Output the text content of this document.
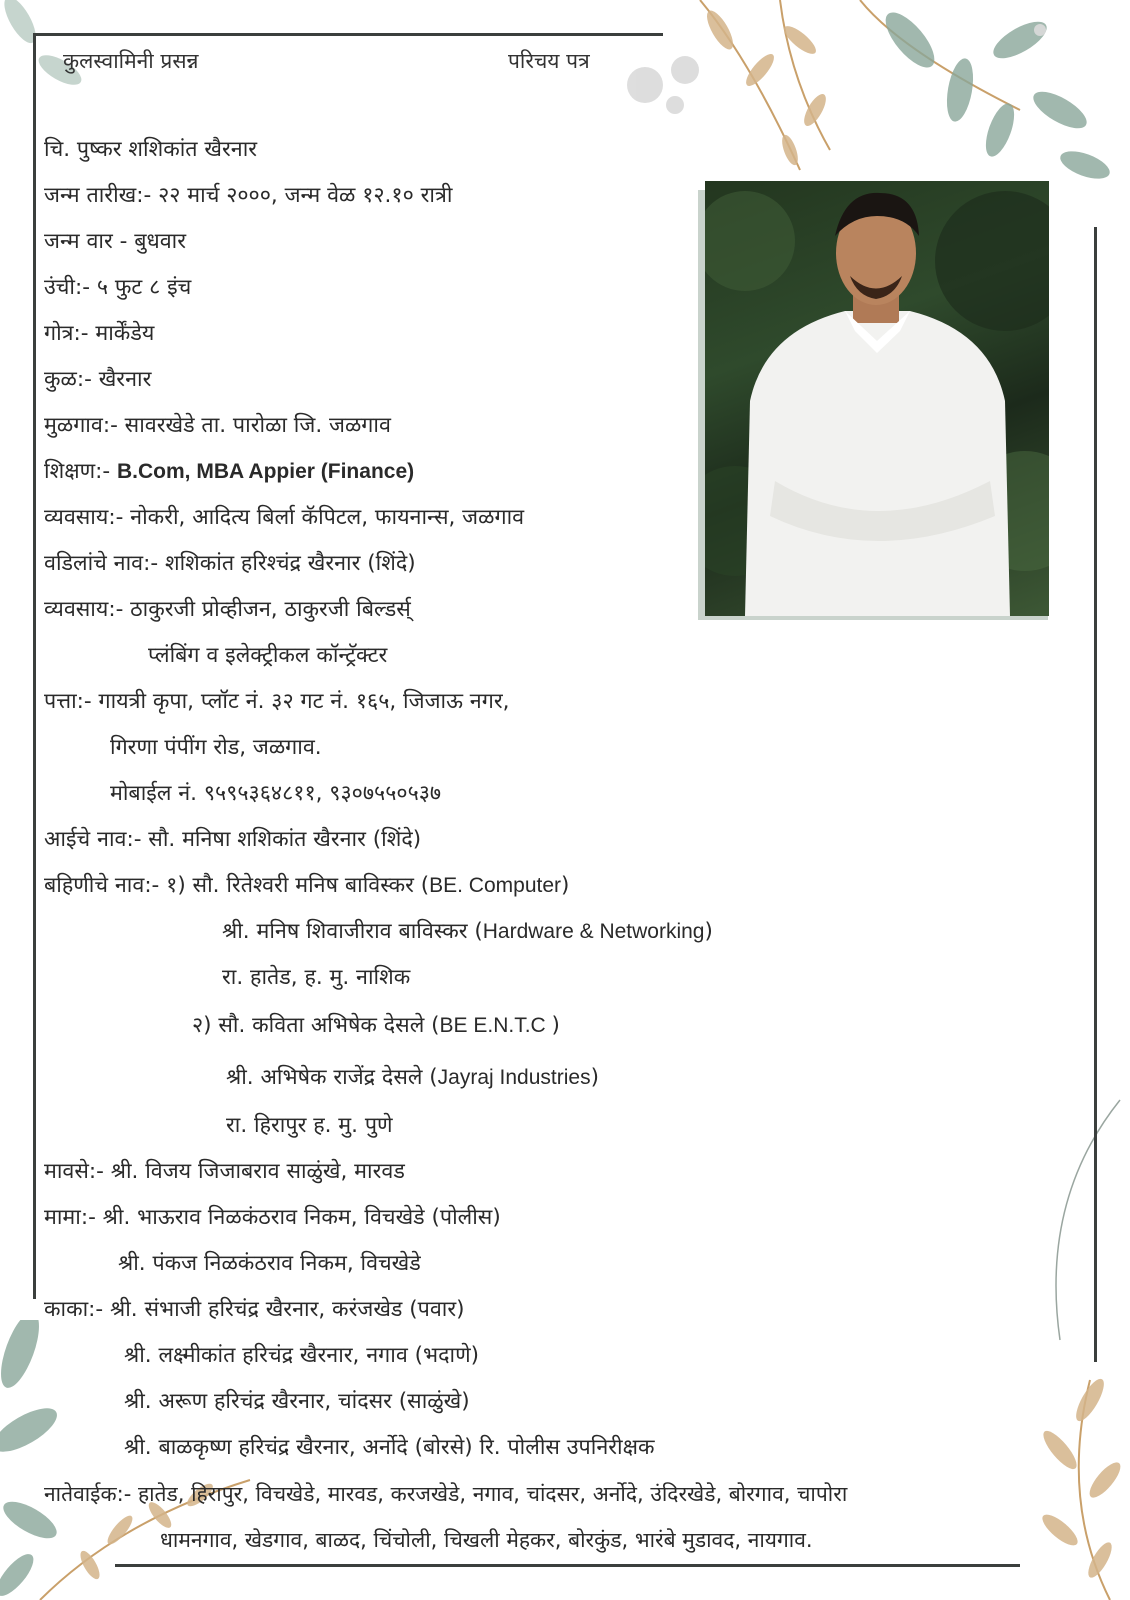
कुलस्वामिनी प्रसन्न	परिचय पत्र
चि. पुष्कर शशिकांत खैरनार
जन्म तारीख:- २२ मार्च २०००, जन्म वेळ १२.१० रात्री
जन्म वार - बुधवार
उंची:- ५ फुट ८ इंच
गोत्र:- मार्केंडेय
कुळ:- खैरनार
मुळगाव:- सावरखेडे ता. पारोळा जि. जळगाव
शिक्षण:- B.Com, MBA Appier (Finance)
व्यवसाय:- नोकरी, आदित्य बिर्ला कॅपिटल, फायनान्स, जळगाव
वडिलांचे नाव:- शशिकांत हरिश्चंद्र खैरनार (शिंदे)
व्यवसाय:- ठाकुरजी प्रोव्हीजन, ठाकुरजी बिल्डर्स्
प्लंबिंग व इलेक्ट्रीकल कॉन्ट्रॅक्टर
पत्ता:- गायत्री कृपा, प्लॉट नं. ३२ गट नं. १६५, जिजाऊ नगर,
गिरणा पंपींग रोड, जळगाव.
मोबाईल नं. ९५९५३६४८११, ९३०७५५०५३७
आईचे नाव:- सौ. मनिषा शशिकांत खैरनार (शिंदे)
बहिणीचे नाव:- १) सौ. रितेश्वरी मनिष बाविस्कर (BE. Computer)
श्री. मनिष शिवाजीराव बाविस्कर (Hardware & Networking)
रा. हातेड, ह. मु. नाशिक
२) सौ. कविता अभिषेक देसले (BE E.N.T.C )
श्री. अभिषेक राजेंद्र देसले (Jayraj Industries)
रा. हिरापुर ह. मु. पुणे
मावसे:- श्री. विजय जिजाबराव साळुंखे, मारवड
मामा:- श्री. भाऊराव निळकंठराव निकम, विचखेडे (पोलीस)
श्री. पंकज निळकंठराव निकम, विचखेडे
काका:- श्री. संभाजी हरिचंद्र खैरनार, करंजखेड (पवार)
श्री. लक्ष्मीकांत हरिचंद्र खैरनार, नगाव (भदाणे)
श्री. अरूण हरिचंद्र खैरनार, चांदसर (साळुंखे)
श्री. बाळकृष्ण हरिचंद्र खैरनार, अर्नोदे (बोरसे) रि. पोलीस उपनिरीक्षक
नातेवाईक:- हातेड, हिरापुर, विचखेडे, मारवड, करजखेडे, नगाव, चांदसर, अर्नोदे, उंदिरखेडे, बोरगाव, चापोरा
धामनगाव, खेडगाव, बाळद, चिंचोली, चिखली मेहकर, बोरकुंड, भारंबे मुडावद, नायगाव.
